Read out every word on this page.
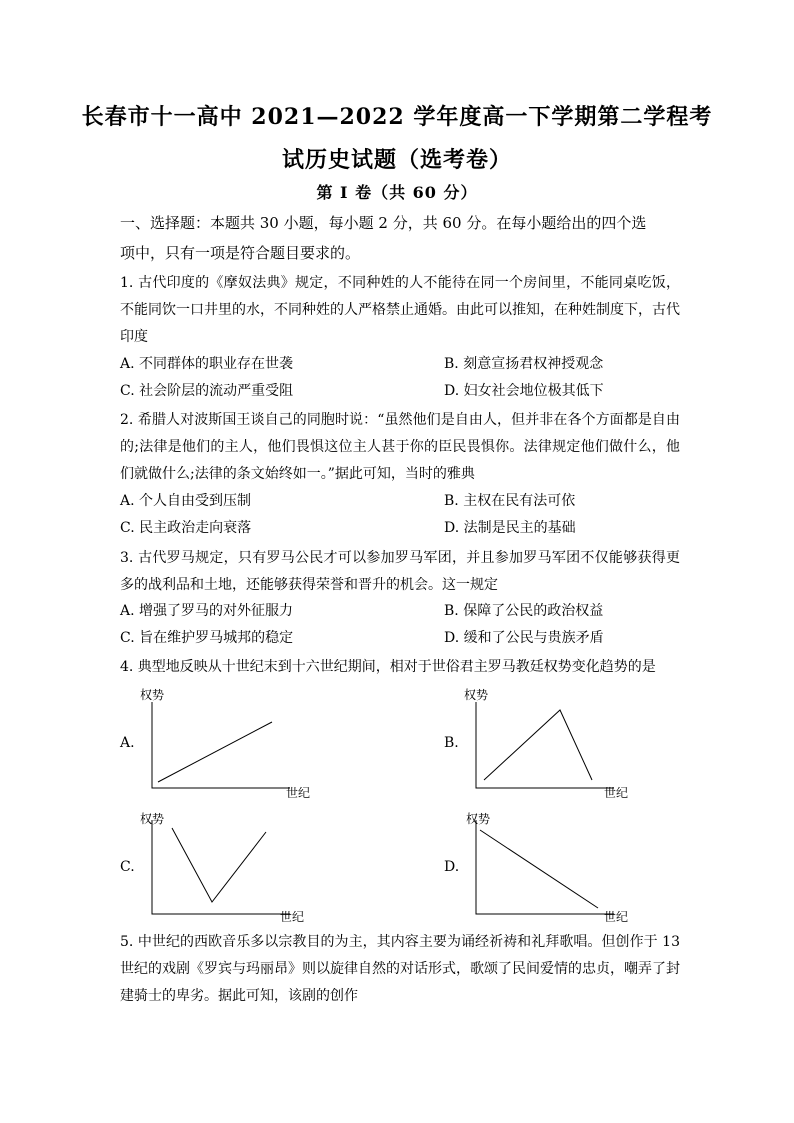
长春市十一高中 2021—2022 学年度高一下学期第二学程考
试历史试题（选考卷）
第 I 卷（共 60 分）
一、选择题：本题共 30 小题，每小题 2 分，共 60 分。在每小题给出的四个选
项中，只有一项是符合题目要求的。
1. 古代印度的《摩奴法典》规定，不同种姓的人不能待在同一个房间里，不能同桌吃饭，不能同饮一口井里的水，不同种姓的人严格禁止通婚。由此可以推知，在种姓制度下，古代印度
A. 不同群体的职业存在世袭	B. 刻意宣扬君权神授观念
C. 社会阶层的流动严重受阻	D. 妇女社会地位极其低下
2. 希腊人对波斯国王谈自己的同胞时说：“虽然他们是自由人，但并非在各个方面都是自由的;法律是他们的主人，他们畏惧这位主人甚于你的臣民畏惧你。法律规定他们做什么，他们就做什么;法律的条文始终如一。”据此可知，当时的雅典
A. 个人自由受到压制	B. 主权在民有法可依
C. 民主政治走向衰落	D. 法制是民主的基础
3. 古代罗马规定，只有罗马公民才可以参加罗马军团，并且参加罗马军团不仅能够获得更多的战利品和土地，还能够获得荣誉和晋升的机会。这一规定
A. 增强了罗马的对外征服力	B. 保障了公民的政治权益
C. 旨在维护罗马城邦的稳定	D. 缓和了公民与贵族矛盾
4. 典型地反映从十世纪末到十六世纪期间，相对于世俗君主罗马教廷权势变化趋势的是
A.	B.
C.	D.
权势
世纪
权势
世纪
权势
世纪
权势
世纪
5. 中世纪的西欧音乐多以宗教目的为主，其内容主要为诵经祈祷和礼拜歌唱。但创作于 13 世纪的戏剧《罗宾与玛丽昂》则以旋律自然的对话形式，歌颂了民间爱情的忠贞，嘲弄了封建骑士的卑劣。据此可知，该剧的创作
